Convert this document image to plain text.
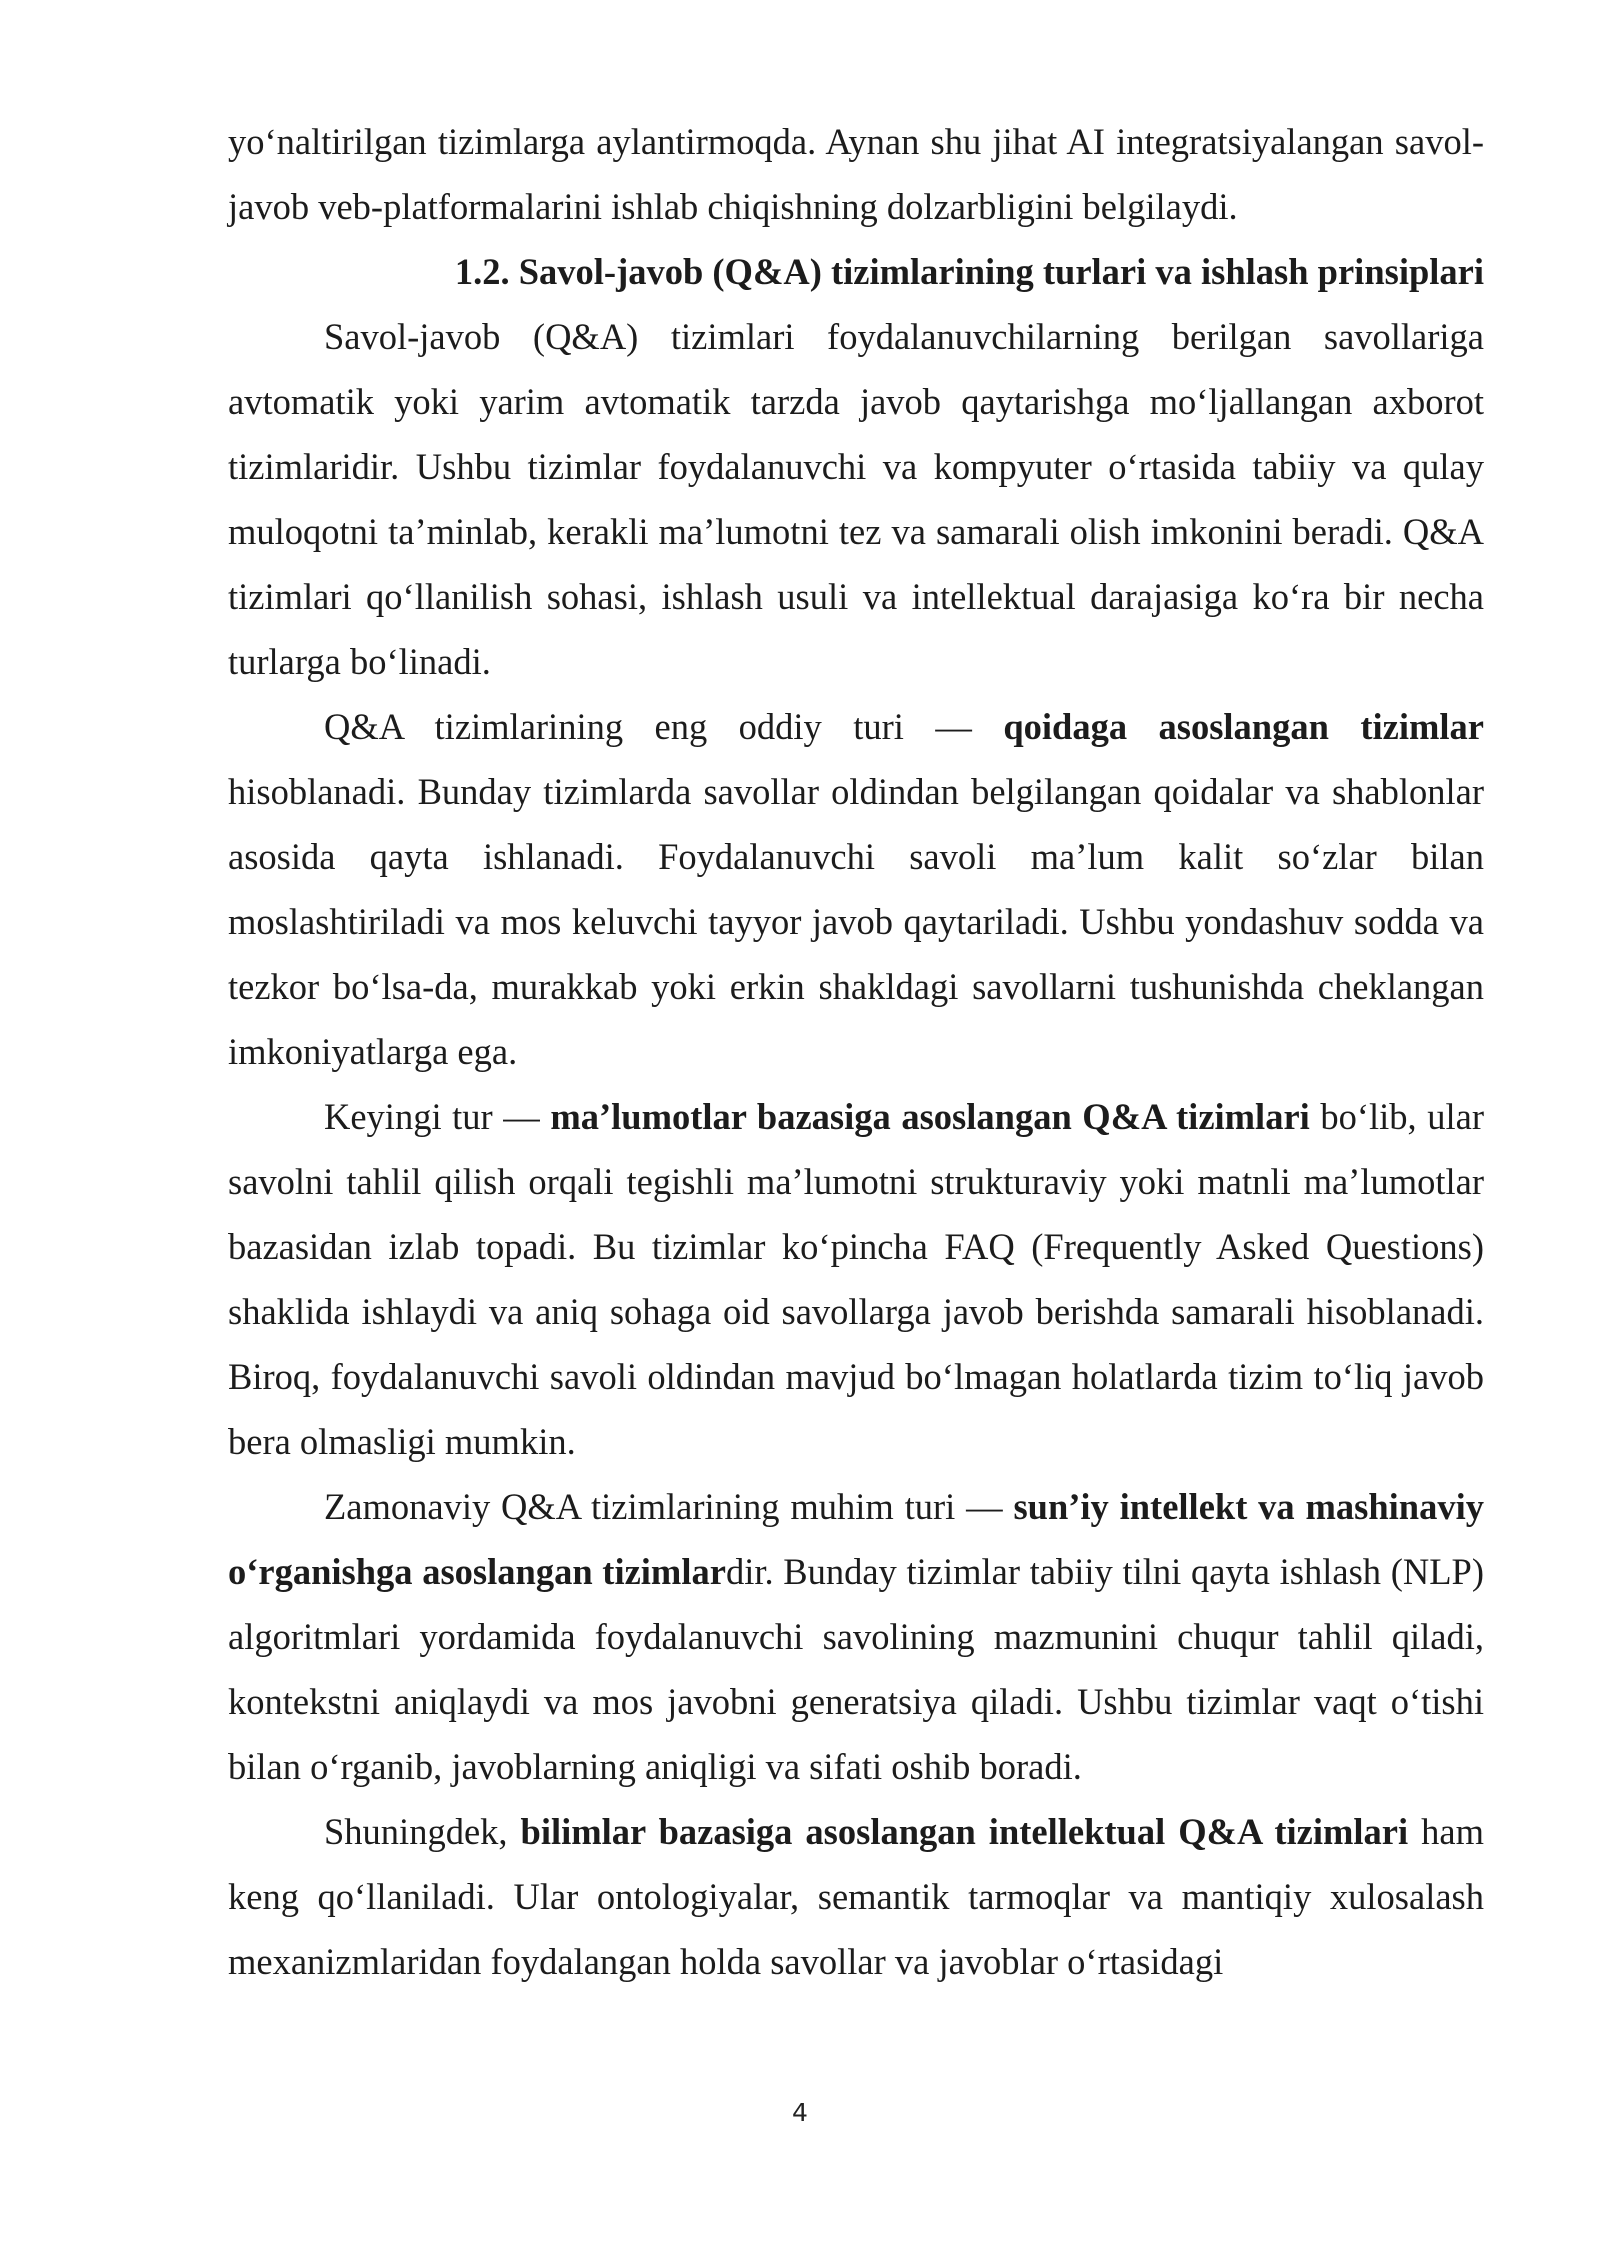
yo‘naltirilgan tizimlarga aylantirmoqda. Aynan shu jihat AI integratsiyalangan savol-javob veb-platformalarini ishlab chiqishning dolzarbligini belgilaydi.

1.2. Savol-javob (Q&A) tizimlarining turlari va ishlash prinsiplari

Savol-javob (Q&A) tizimlari foydalanuvchilarning berilgan savollariga avtomatik yoki yarim avtomatik tarzda javob qaytarishga mo‘ljallangan axborot tizimlaridir. Ushbu tizimlar foydalanuvchi va kompyuter o‘rtasida tabiiy va qulay muloqotni ta’minlab, kerakli ma’lumotni tez va samarali olish imkonini beradi. Q&A tizimlari qo‘llanilish sohasi, ishlash usuli va intellektual darajasiga ko‘ra bir necha turlarga bo‘linadi.

Q&A tizimlarining eng oddiy turi — qoidaga asoslangan tizimlar hisoblanadi. Bunday tizimlarda savollar oldindan belgilangan qoidalar va shablonlar asosida qayta ishlanadi. Foydalanuvchi savoli ma’lum kalit so‘zlar bilan moslashtiriladi va mos keluvchi tayyor javob qaytariladi. Ushbu yondashuv sodda va tezkor bo‘lsa-da, murakkab yoki erkin shakldagi savollarni tushunishda cheklangan imkoniyatlarga ega.

Keyingi tur — ma’lumotlar bazasiga asoslangan Q&A tizimlari bo‘lib, ular savolni tahlil qilish orqali tegishli ma’lumotni strukturaviy yoki matnli ma’lumotlar bazasidan izlab topadi. Bu tizimlar ko‘pincha FAQ (Frequently Asked Questions) shaklida ishlaydi va aniq sohaga oid savollarga javob berishda samarali hisoblanadi. Biroq, foydalanuvchi savoli oldindan mavjud bo‘lmagan holatlarda tizim to‘liq javob bera olmasligi mumkin.

Zamonaviy Q&A tizimlarining muhim turi — sun’iy intellekt va mashinaviy o‘rganishga asoslangan tizimlardir. Bunday tizimlar tabiiy tilni qayta ishlash (NLP) algoritmlari yordamida foydalanuvchi savolining mazmunini chuqur tahlil qiladi, kontekstni aniqlaydi va mos javobni generatsiya qiladi. Ushbu tizimlar vaqt o‘tishi bilan o‘rganib, javoblarning aniqligi va sifati oshib boradi.

Shuningdek, bilimlar bazasiga asoslangan intellektual Q&A tizimlari ham keng qo‘llaniladi. Ular ontologiyalar, semantik tarmoqlar va mantiqiy xulosalash mexanizmlaridan foydalangan holda savollar va javoblar o‘rtasidagi

4
